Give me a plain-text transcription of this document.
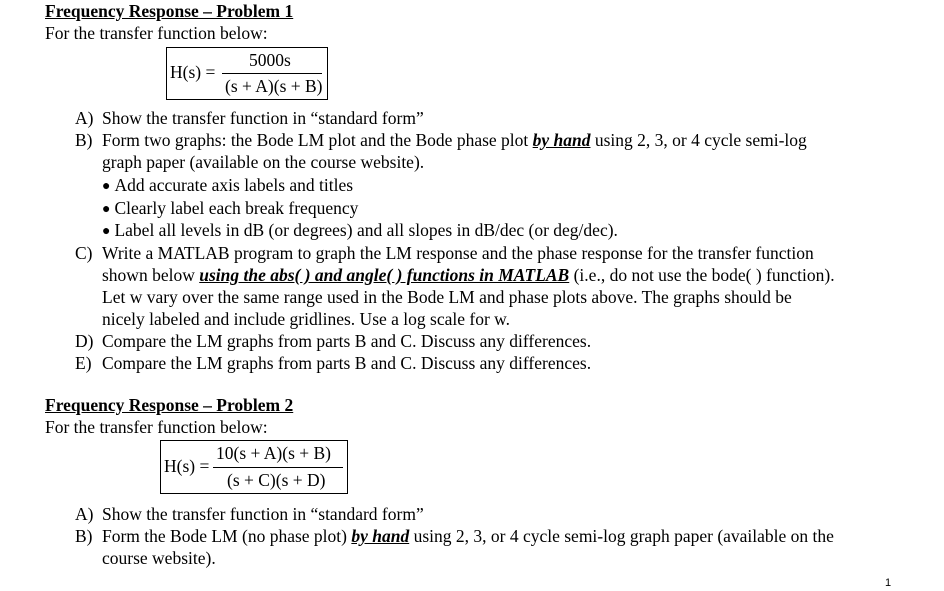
Frequency Response – Problem 1
For the transfer function below:
H(s) =
5000s
(s + A)(s + B)
A) Show the transfer function in “standard form”
B) Form two graphs: the Bode LM plot and the Bode phase plot by hand using 2, 3, or 4 cycle semi-log
graph paper (available on the course website).
● Add accurate axis labels and titles
● Clearly label each break frequency
● Label all levels in dB (or degrees) and all slopes in dB/dec (or deg/dec).
C) Write a MATLAB program to graph the LM response and the phase response for the transfer function
shown below using the abs( ) and angle( ) functions in MATLAB (i.e., do not use the bode( ) function).
Let w vary over the same range used in the Bode LM and phase plots above. The graphs should be
nicely labeled and include gridlines. Use a log scale for w.
D) Compare the LM graphs from parts B and C. Discuss any differences.
E) Compare the LM graphs from parts B and C. Discuss any differences.
Frequency Response – Problem 2
For the transfer function below:
H(s) =
10(s + A)(s + B)
(s + C)(s + D)
A) Show the transfer function in “standard form”
B) Form the Bode LM (no phase plot) by hand using 2, 3, or 4 cycle semi-log graph paper (available on the
course website).
1
